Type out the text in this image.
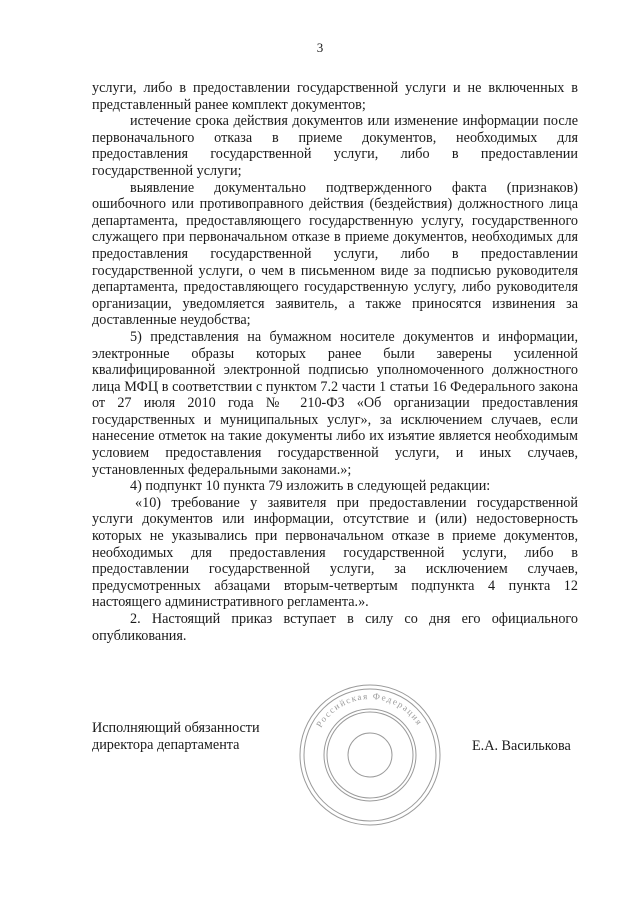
3

услуги, либо в предоставлении государственной услуги и не включенных в представленный ранее комплект документов;

истечение срока действия документов или изменение информации после первоначального отказа в приеме документов, необходимых для предоставления государственной услуги, либо в предоставлении государственной услуги;

выявление документально подтвержденного факта (признаков) ошибочного или противоправного действия (бездействия) должностного лица департамента, предоставляющего государственную услугу, государственного служащего при первоначальном отказе в приеме документов, необходимых для предоставления государственной услуги, либо в предоставлении государственной услуги, о чем в письменном виде за подписью руководителя департамента, предоставляющего государственную услугу, либо руководителя организации, уведомляется заявитель, а также приносятся извинения за доставленные неудобства;

5) представления на бумажном носителе документов и информации, электронные образы которых ранее были заверены усиленной квалифицированной электронной подписью уполномоченного должностного лица МФЦ в соответствии с пунктом 7.2 части 1 статьи 16 Федерального закона от 27 июля 2010 года № 210-ФЗ «Об организации предоставления государственных и муниципальных услуг», за исключением случаев, если нанесение отметок на такие документы либо их изъятие является необходимым условием предоставления государственной услуги, и иных случаев, установленных федеральными законами.»;

4) подпункт 10 пункта 79 изложить в следующей редакции:

«10) требование у заявителя при предоставлении государственной услуги документов или информации, отсутствие и (или) недостоверность которых не указывались при первоначальном отказе в приеме документов, необходимых для предоставления государственной услуги, либо в предоставлении государственной услуги, за исключением случаев, предусмотренных абзацами вторым-четвертым подпункта 4 пункта 12 настоящего административного регламента.».

2. Настоящий приказ вступает в силу со дня его официального опубликования.

Российская Федерация
Исполняющий обязанности
директора департамента	Е.А. Василькова
